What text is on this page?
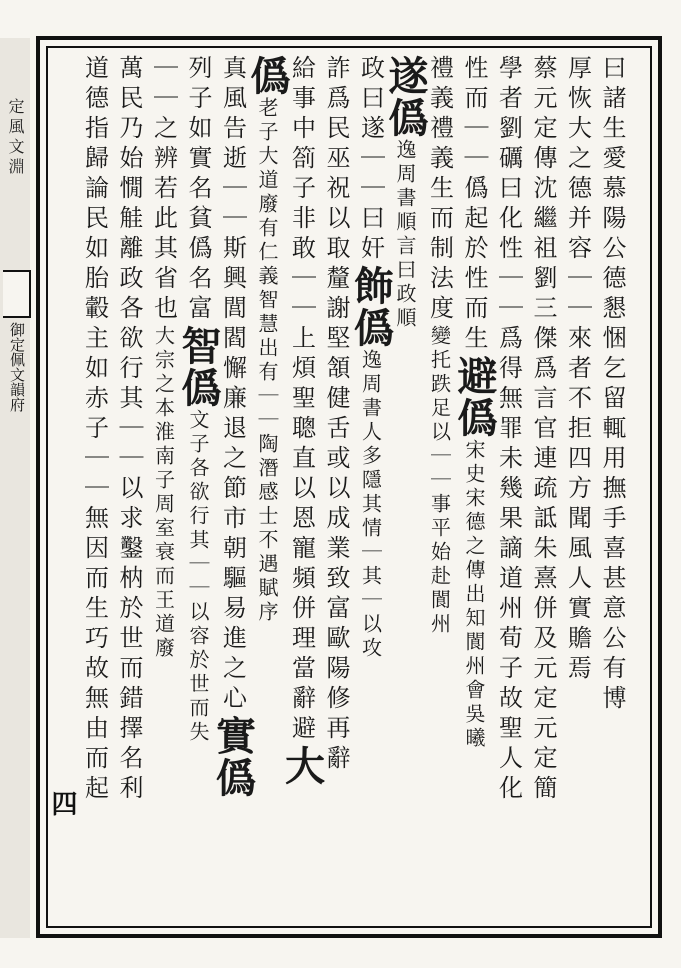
定風文淵
御定佩文韻府	曰諸生愛慕陽公德懇悃乞留輒用撫手喜甚意公有博
厚恢大之德并容｜｜來者不拒四方聞風人實贍焉
蔡元定傳沈繼祖劉三傑爲言官連疏詆朱熹併及元定元定簡
學者劉礪曰化性｜｜爲得無罪未幾果謫道州荀子故聖人化
性而｜｜僞起於性而生避僞宋史宋德之傳出知閬州會吳曦
禮義禮義生而制法度變托跌足以｜｜事平始赴閬州
遂僞逸周書順言曰政順
政曰遂｜｜曰奸飾僞逸周書人多隱其情｜其｜以攻
詐爲民巫祝以取釐謝堅頷健舌或以成業致富歐陽修再辭
給事中箚子非敢｜｜上煩聖聰直以恩寵頻併理當辭避大
僞老子大道廢有仁義智慧出有｜｜陶潛感士不遇賦序
真風告逝｜｜斯興閭閻懈廉退之節市朝驅易進之心實僞
列子如實名貧僞名富智僞文子各欲行其｜｜以容於世而失
｜｜之辨若此其省也大宗之本淮南子周室衰而王道廢
萬民乃始憪觟離政各欲行其｜｜以求鑿枘於世而錯擇名利
道德指歸論民如胎轂主如赤子｜｜無因而生巧故無由而起
四
